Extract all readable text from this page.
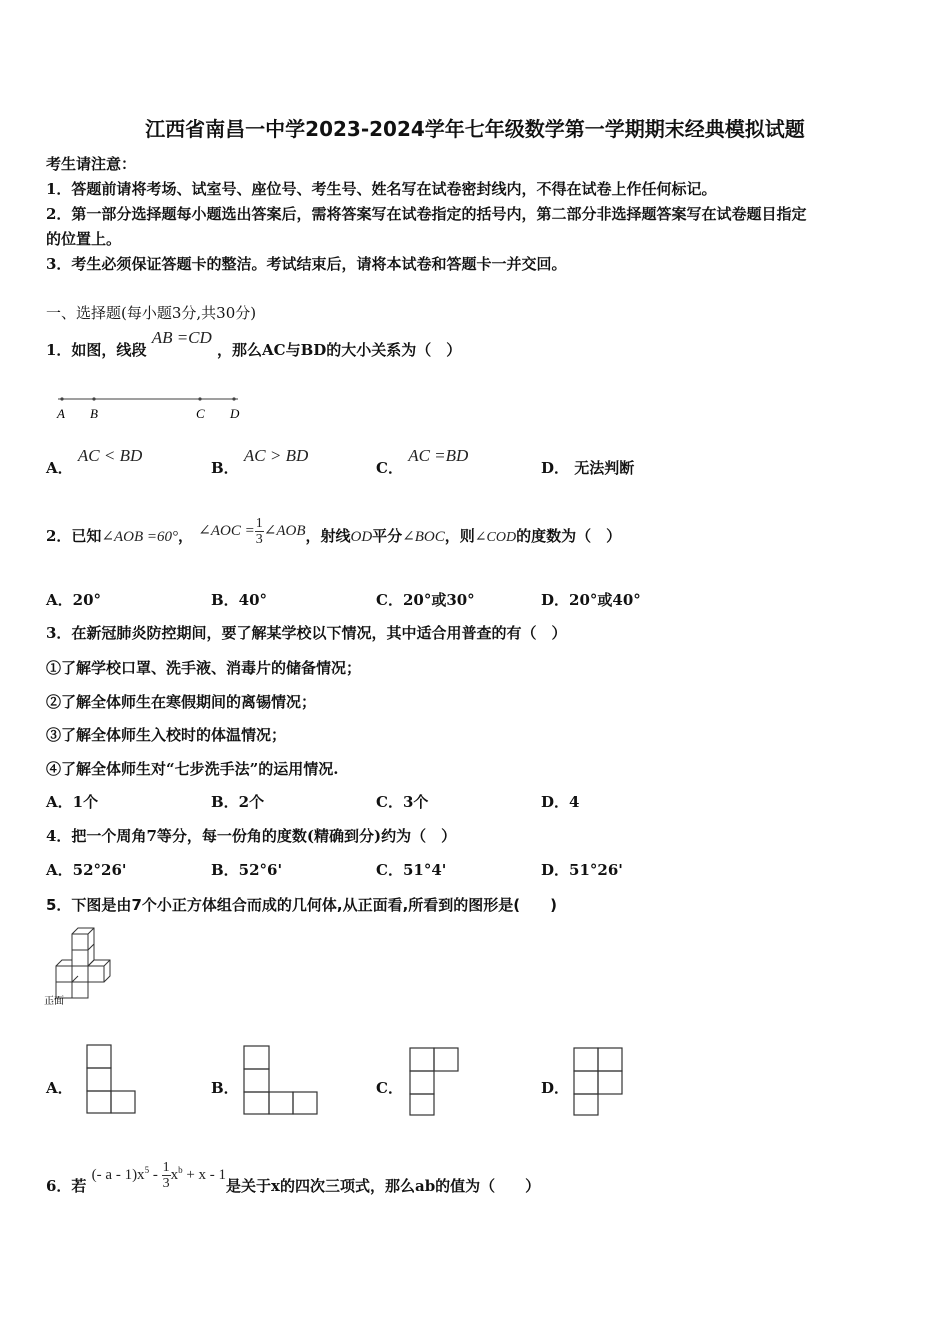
江西省南昌一中学2023-2024学年七年级数学第一学期期末经典模拟试题
考生请注意：
1．答题前请将考场、试室号、座位号、考生号、姓名写在试卷密封线内，不得在试卷上作任何标记。
2．第一部分选择题每小题选出答案后，需将答案写在试卷指定的括号内，第二部分非选择题答案写在试卷题目指定
的位置上。
3．考生必须保证答题卡的整洁。考试结束后，请将本试卷和答题卡一并交回。
一、选择题(每小题3分,共30分)
1．如图，线段 AB =CD ，那么AC与BD的大小关系为（　）
A B	C D
A． AC < BD
B． AC > BD
C． AC =BD
D． 无法判断
2．已知∠AOB =60°， ∠AOC = $\frac{1}{3}$ ∠AOB，射线OD平分∠BOC，则∠COD的度数为（　）
A．20°	B．40°	C．20°或30°	D．20°或40°
3．在新冠肺炎防控期间，要了解某学校以下情况，其中适合用普查的有（　）
①了解学校口罩、洗手液、消毒片的储备情况；
②了解全体师生在寒假期间的离锡情况；
③了解全体师生入校时的体温情况；
④了解全体师生对“七步洗手法”的运用情况.
A．1个	B．2个	C．3个	D．4
4．把一个周角7等分，每一份角的度数(精确到分)约为（　）
A．52°26'	B．52°6'	C．51°4'	D．51°26'
5．下图是由7个小正方体组合而成的几何体,从正面看,所看到的图形是(　　)
正面
A．	B．	C．	D．
6．若 (- $a - 1)x^5 - \frac{1}{3} x^b + x - 1$是关于x的四次三项式，那么ab的值为（　　）
